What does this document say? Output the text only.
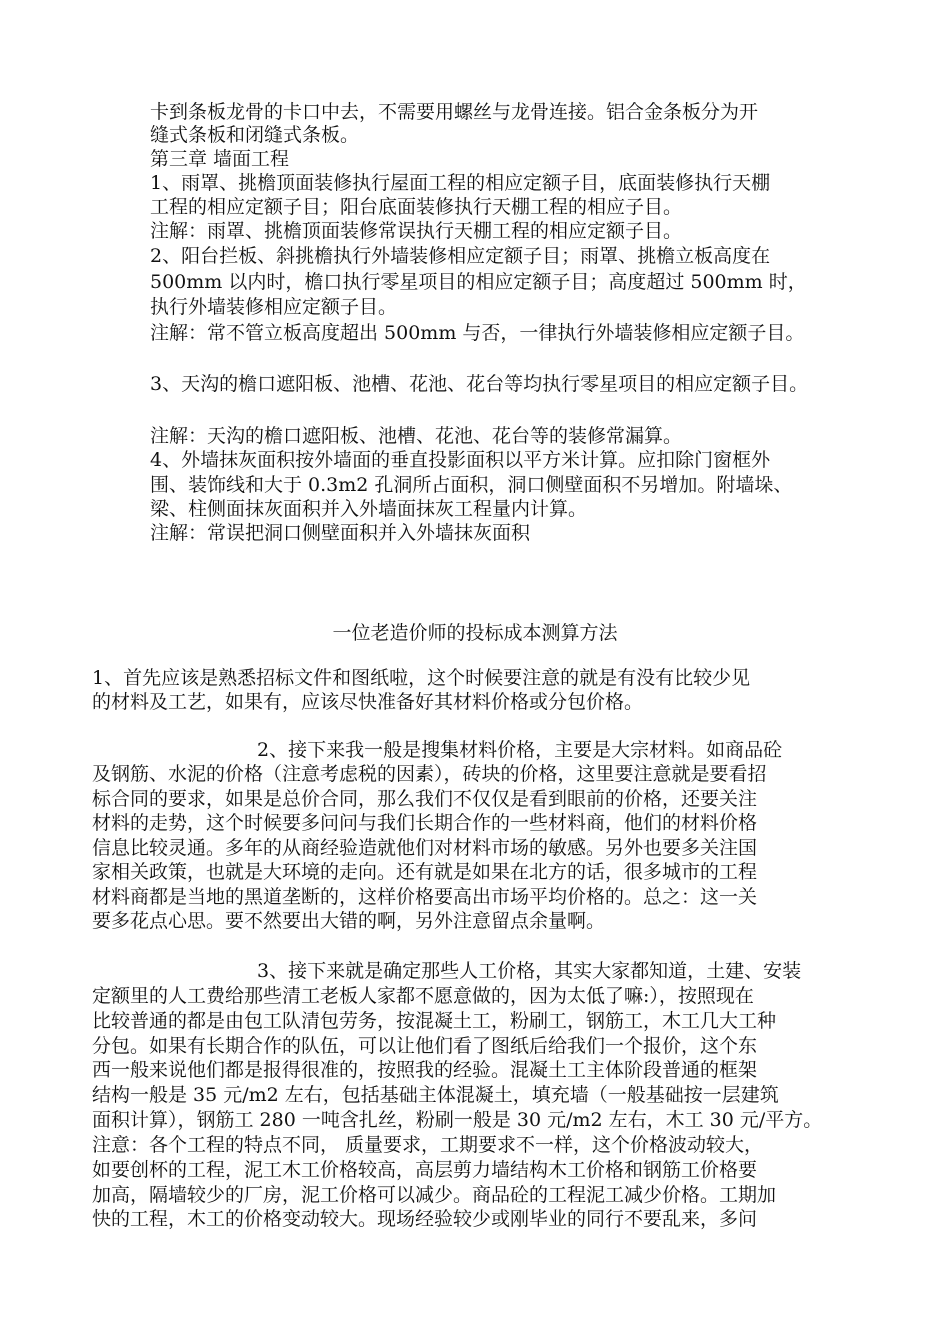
卡到条板龙骨的卡口中去，不需要用螺丝与龙骨连接。铝合金条板分为开
缝式条板和闭缝式条板。
第三章 墙面工程
1、雨罩、挑檐顶面装修执行屋面工程的相应定额子目，底面装修执行天棚
工程的相应定额子目；阳台底面装修执行天棚工程的相应子目。
注解：雨罩、挑檐顶面装修常误执行天棚工程的相应定额子目。
2、阳台拦板、斜挑檐执行外墙装修相应定额子目；雨罩、挑檐立板高度在
500mm 以内时，檐口执行零星项目的相应定额子目；高度超过 500mm 时，
执行外墙装修相应定额子目。
注解：常不管立板高度超出 500mm 与否，一律执行外墙装修相应定额子目。
3、天沟的檐口遮阳板、池槽、花池、花台等均执行零星项目的相应定额子目。
注解：天沟的檐口遮阳板、池槽、花池、花台等的装修常漏算。
4、外墙抹灰面积按外墙面的垂直投影面积以平方米计算。应扣除门窗框外
围、装饰线和大于 0.3m2 孔洞所占面积，洞口侧壁面积不另增加。附墙垛、
梁、柱侧面抹灰面积并入外墙面抹灰工程量内计算。
注解：常误把洞口侧壁面积并入外墙抹灰面积
一位老造价师的投标成本测算方法
1、首先应该是熟悉招标文件和图纸啦，这个时候要注意的就是有没有比较少见
的材料及工艺，如果有，应该尽快准备好其材料价格或分包价格。
2、接下来我一般是搜集材料价格，主要是大宗材料。如商品砼
及钢筋、水泥的价格（注意考虑税的因素），砖块的价格，这里要注意就是要看招
标合同的要求，如果是总价合同，那么我们不仅仅是看到眼前的价格，还要关注
材料的走势，这个时候要多问问与我们长期合作的一些材料商，他们的材料价格
信息比较灵通。多年的从商经验造就他们对材料市场的敏感。另外也要多关注国
家相关政策，也就是大环境的走向。还有就是如果在北方的话，很多城市的工程
材料商都是当地的黑道垄断的，这样价格要高出市场平均价格的。总之：这一关
要多花点心思。要不然要出大错的啊，另外注意留点余量啊。
3、接下来就是确定那些人工价格，其实大家都知道，土建、安装
定额里的人工费给那些清工老板人家都不愿意做的，因为太低了嘛:），按照现在
比较普通的都是由包工队清包劳务，按混凝土工，粉刷工，钢筋工，木工几大工种
分包。如果有长期合作的队伍，可以让他们看了图纸后给我们一个报价，这个东
西一般来说他们都是报得很准的，按照我的经验。混凝土工主体阶段普通的框架
结构一般是 35 元/m2 左右，包括基础主体混凝土，填充墙（一般基础按一层建筑
面积计算），钢筋工 280 一吨含扎丝，粉刷一般是 30 元/m2 左右，木工 30 元/平方。
注意：各个工程的特点不同， 质量要求，工期要求不一样，这个价格波动较大，
如要创杯的工程，泥工木工价格较高，高层剪力墙结构木工价格和钢筋工价格要
加高，隔墙较少的厂房，泥工价格可以减少。商品砼的工程泥工减少价格。工期加
快的工程，木工的价格变动较大。现场经验较少或刚毕业的同行不要乱来，多问
